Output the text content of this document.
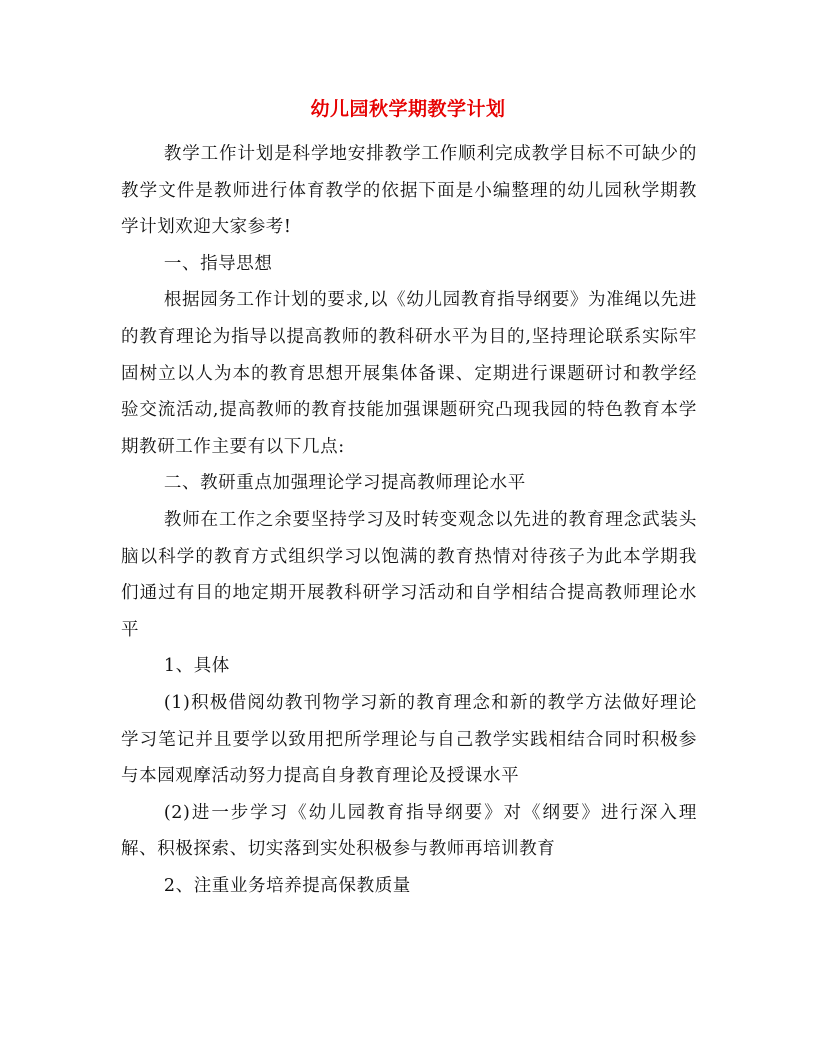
幼儿园秋学期教学计划

教学工作计划是科学地安排教学工作顺利完成教学目标不可缺少的教学文件是教师进行体育教学的依据下面是小编整理的幼儿园秋学期教学计划欢迎大家参考!

一、指导思想

根据园务工作计划的要求,以《幼儿园教育指导纲要》为准绳以先进的教育理论为指导以提高教师的教科研水平为目的,坚持理论联系实际牢固树立以人为本的教育思想开展集体备课、定期进行课题研讨和教学经验交流活动,提高教师的教育技能加强课题研究凸现我园的特色教育本学期教研工作主要有以下几点:

二、教研重点加强理论学习提高教师理论水平

教师在工作之余要坚持学习及时转变观念以先进的教育理念武装头脑以科学的教育方式组织学习以饱满的教育热情对待孩子为此本学期我们通过有目的地定期开展教科研学习活动和自学相结合提高教师理论水平

1、具体

(1)积极借阅幼教刊物学习新的教育理念和新的教学方法做好理论学习笔记并且要学以致用把所学理论与自己教学实践相结合同时积极参与本园观摩活动努力提高自身教育理论及授课水平

(2)进一步学习《幼儿园教育指导纲要》对《纲要》进行深入理解、积极探索、切实落到实处积极参与教师再培训教育

2、注重业务培养提高保教质量
